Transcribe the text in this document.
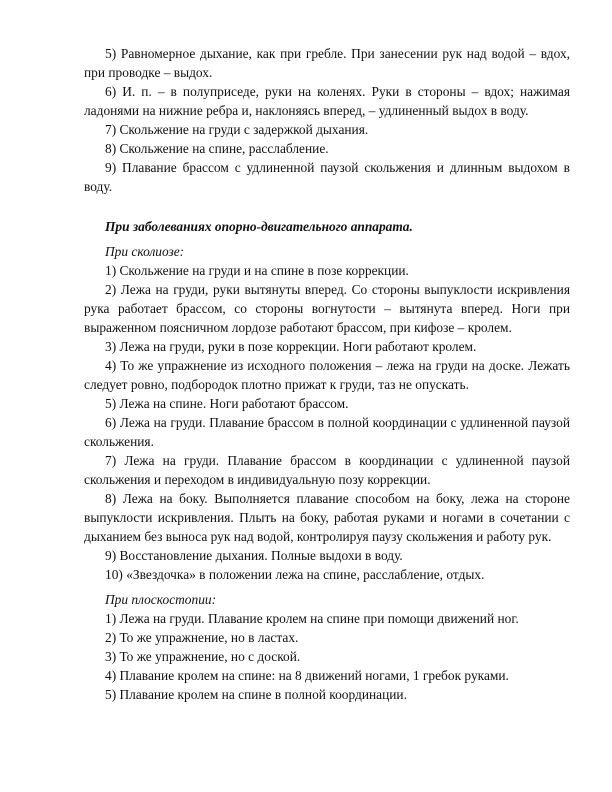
5) Равномерное дыхание, как при гребле. При занесении рук над водой – вдох, при проводке – выдох.

6) И. п. – в полуприседе, руки на коленях. Руки в стороны – вдох; нажимая ладонями на нижние ребра и, наклоняясь вперед, – удлиненный выдох в воду.

7) Скольжение на груди с задержкой дыхания.

8) Скольжение на спине, расслабление.

9) Плавание брассом с удлиненной паузой скольжения и длинным выдохом в воду.

При заболеваниях опорно-двигательного аппарата.

При сколиозе:

1) Скольжение на груди и на спине в позе коррекции.

2) Лежа на груди, руки вытянуты вперед. Со стороны выпуклости искривления рука работает брассом, со стороны вогнутости – вытянута вперед. Ноги при выраженном поясничном лордозе работают брассом, при кифозе – кролем.

3) Лежа на груди, руки в позе коррекции. Ноги работают кролем.

4) То же упражнение из исходного положения – лежа на груди на доске. Лежать следует ровно, подбородок плотно прижат к груди, таз не опускать.

5) Лежа на спине. Ноги работают брассом.

6) Лежа на груди. Плавание брассом в полной координации с удлиненной паузой скольжения.

7) Лежа на груди. Плавание брассом в координации с удлиненной паузой скольжения и переходом в индивидуальную позу коррекции.

8) Лежа на боку. Выполняется плавание способом на боку, лежа на стороне выпуклости искривления. Плыть на боку, работая руками и ногами в сочетании с дыханием без выноса рук над водой, контролируя паузу скольжения и работу рук.

9) Восстановление дыхания. Полные выдохи в воду.

10) «Звездочка» в положении лежа на спине, расслабление, отдых.

При плоскостопии:

1) Лежа на груди. Плавание кролем на спине при помощи движений ног.

2) То же упражнение, но в ластах.

3) То же упражнение, но с доской.

4) Плавание кролем на спине: на 8 движений ногами, 1 гребок руками.

5) Плавание кролем на спине в полной координации.
